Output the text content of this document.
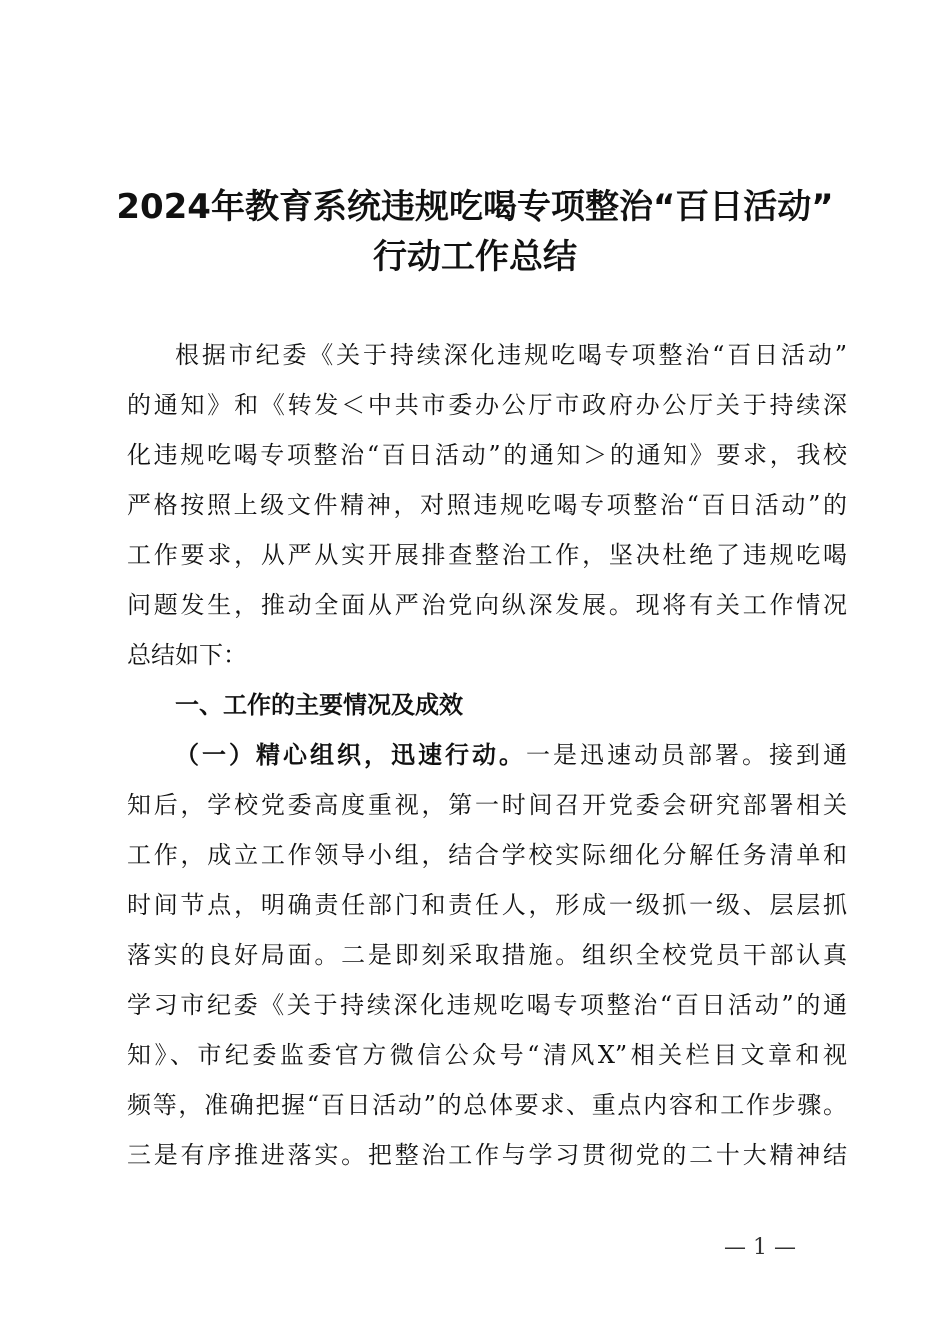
2024年教育系统违规吃喝专项整治“百日活动”
行动工作总结
根据市纪委《关于持续深化违规吃喝专项整治“百日活动”
的通知》和《转发＜中共市委办公厅市政府办公厅关于持续深
化违规吃喝专项整治“百日活动”的通知＞的通知》要求，我校
严格按照上级文件精神，对照违规吃喝专项整治“百日活动”的
工作要求，从严从实开展排查整治工作，坚决杜绝了违规吃喝
问题发生，推动全面从严治党向纵深发展。现将有关工作情况
总结如下：
一、工作的主要情况及成效
（一）精心组织，迅速行动。一是迅速动员部署。接到通
知后，学校党委高度重视，第一时间召开党委会研究部署相关
工作，成立工作领导小组，结合学校实际细化分解任务清单和
时间节点，明确责任部门和责任人，形成一级抓一级、层层抓
落实的良好局面。二是即刻采取措施。组织全校党员干部认真
学习市纪委《关于持续深化违规吃喝专项整治“百日活动”的通
知》、市纪委监委官方微信公众号“清风X”相关栏目文章和视
频等，准确把握“百日活动”的总体要求、重点内容和工作步骤。
三是有序推进落实。把整治工作与学习贯彻党的二十大精神结
— 1 —
